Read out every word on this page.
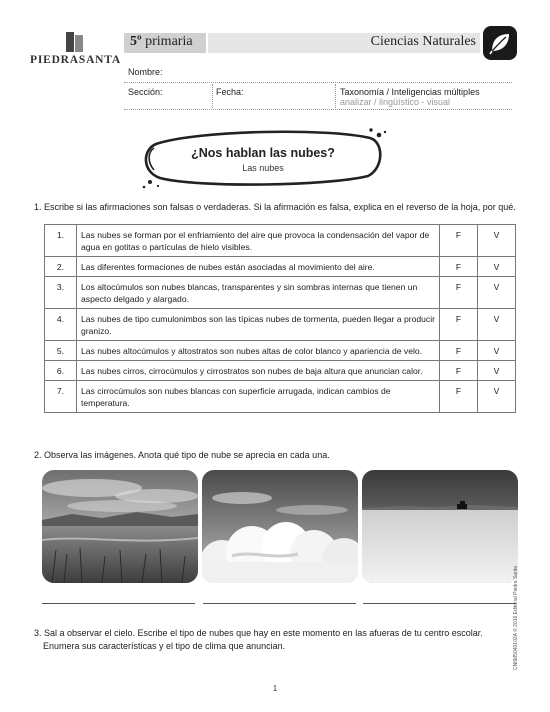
PIEDRASANTA
5º primaria	Ciencias Naturales
Nombre:
Sección:	Fecha:	Taxonomía / Inteligencias múltiples
analizar / lingüístico - visual
¿Nos hablan las nubes?
Las nubes
1. Escribe si las afirmaciones son falsas o verdaderas. Si la afirmación es falsa, explica en el reverso de la hoja, por qué.
1.	Las nubes se forman por el enfriamiento del aire que provoca la condensación del vapor de agua en gotitas o partículas de hielo visibles.	F	V
2.	Las diferentes formaciones de nubes están asociadas al movimiento del aire.	F	V
3.	Los altocúmulos son nubes blancas, transparentes y sin sombras internas que tienen un aspecto delgado y alargado.	F	V
4.	Las nubes de tipo cumulonimbos son las típicas nubes de tormenta, pueden llegar a producir granizo.	F	V
5.	Las nubes altocúmulos y altostratos son nubes altas de color blanco y apariencia de velo.	F	V
6.	Las nubes cirros, cirrocúmulos y cirrostratos son nubes de baja altura que anuncian calor.	F	V
7.	Las cirrocúmulos son nubes blancas con superficie arrugada, indican cambios de temperatura.	F	V
2. Observa las imágenes. Anota qué tipo de nube se aprecia en cada una.
3. Sal a observar el cielo. Escribe el tipo de nubes que hay en este momento en las afueras de tu centro escolar.
Enumera sus características y el tipo de clima que anuncian.	CN6M5040102A © 2016 Editorial Piedra Santa
1
